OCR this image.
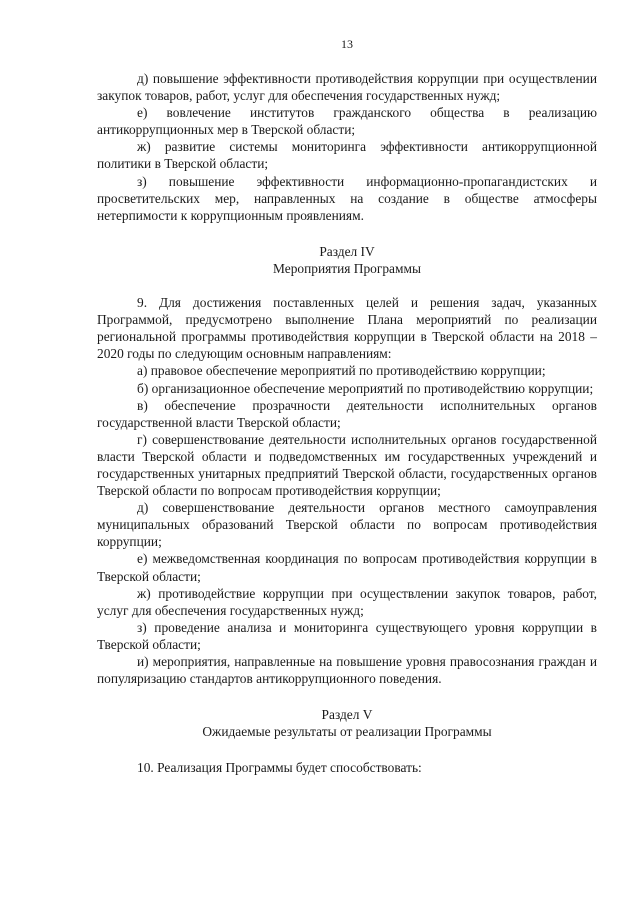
13

д) повышение эффективности противодействия коррупции при осуществлении закупок товаров, работ, услуг для обеспечения государственных нужд;

е) вовлечение институтов гражданского общества в реализацию антикоррупционных мер в Тверской области;

ж) развитие системы мониторинга эффективности антикоррупционной политики в Тверской области;

з) повышение эффективности информационно-пропагандистских и просветительских мер, направленных на создание в обществе атмосферы нетерпимости к коррупционным проявлениям.

Раздел IV

Мероприятия Программы

9. Для достижения поставленных целей и решения задач, указанных Программой, предусмотрено выполнение Плана мероприятий по реализации региональной программы противодействия коррупции в Тверской области на 2018 – 2020 годы по следующим основным направлениям:

а) правовое обеспечение мероприятий по противодействию коррупции;

б) организационное обеспечение мероприятий по противодействию коррупции;

в) обеспечение прозрачности деятельности исполнительных органов государственной власти Тверской области;

г) совершенствование деятельности исполнительных органов государственной власти Тверской области и подведомственных им государственных учреждений и государственных унитарных предприятий Тверской области, государственных органов Тверской области по вопросам противодействия коррупции;

д) совершенствование деятельности органов местного самоуправления муниципальных образований Тверской области по вопросам противодействия коррупции;

е) межведомственная координация по вопросам противодействия коррупции в Тверской области;

ж) противодействие коррупции при осуществлении закупок товаров, работ, услуг для обеспечения государственных нужд;

з) проведение анализа и мониторинга существующего уровня коррупции в Тверской области;

и) мероприятия, направленные на повышение уровня правосознания граждан и популяризацию стандартов антикоррупционного поведения.

Раздел V

Ожидаемые результаты от реализации Программы

10. Реализация Программы будет способствовать:
